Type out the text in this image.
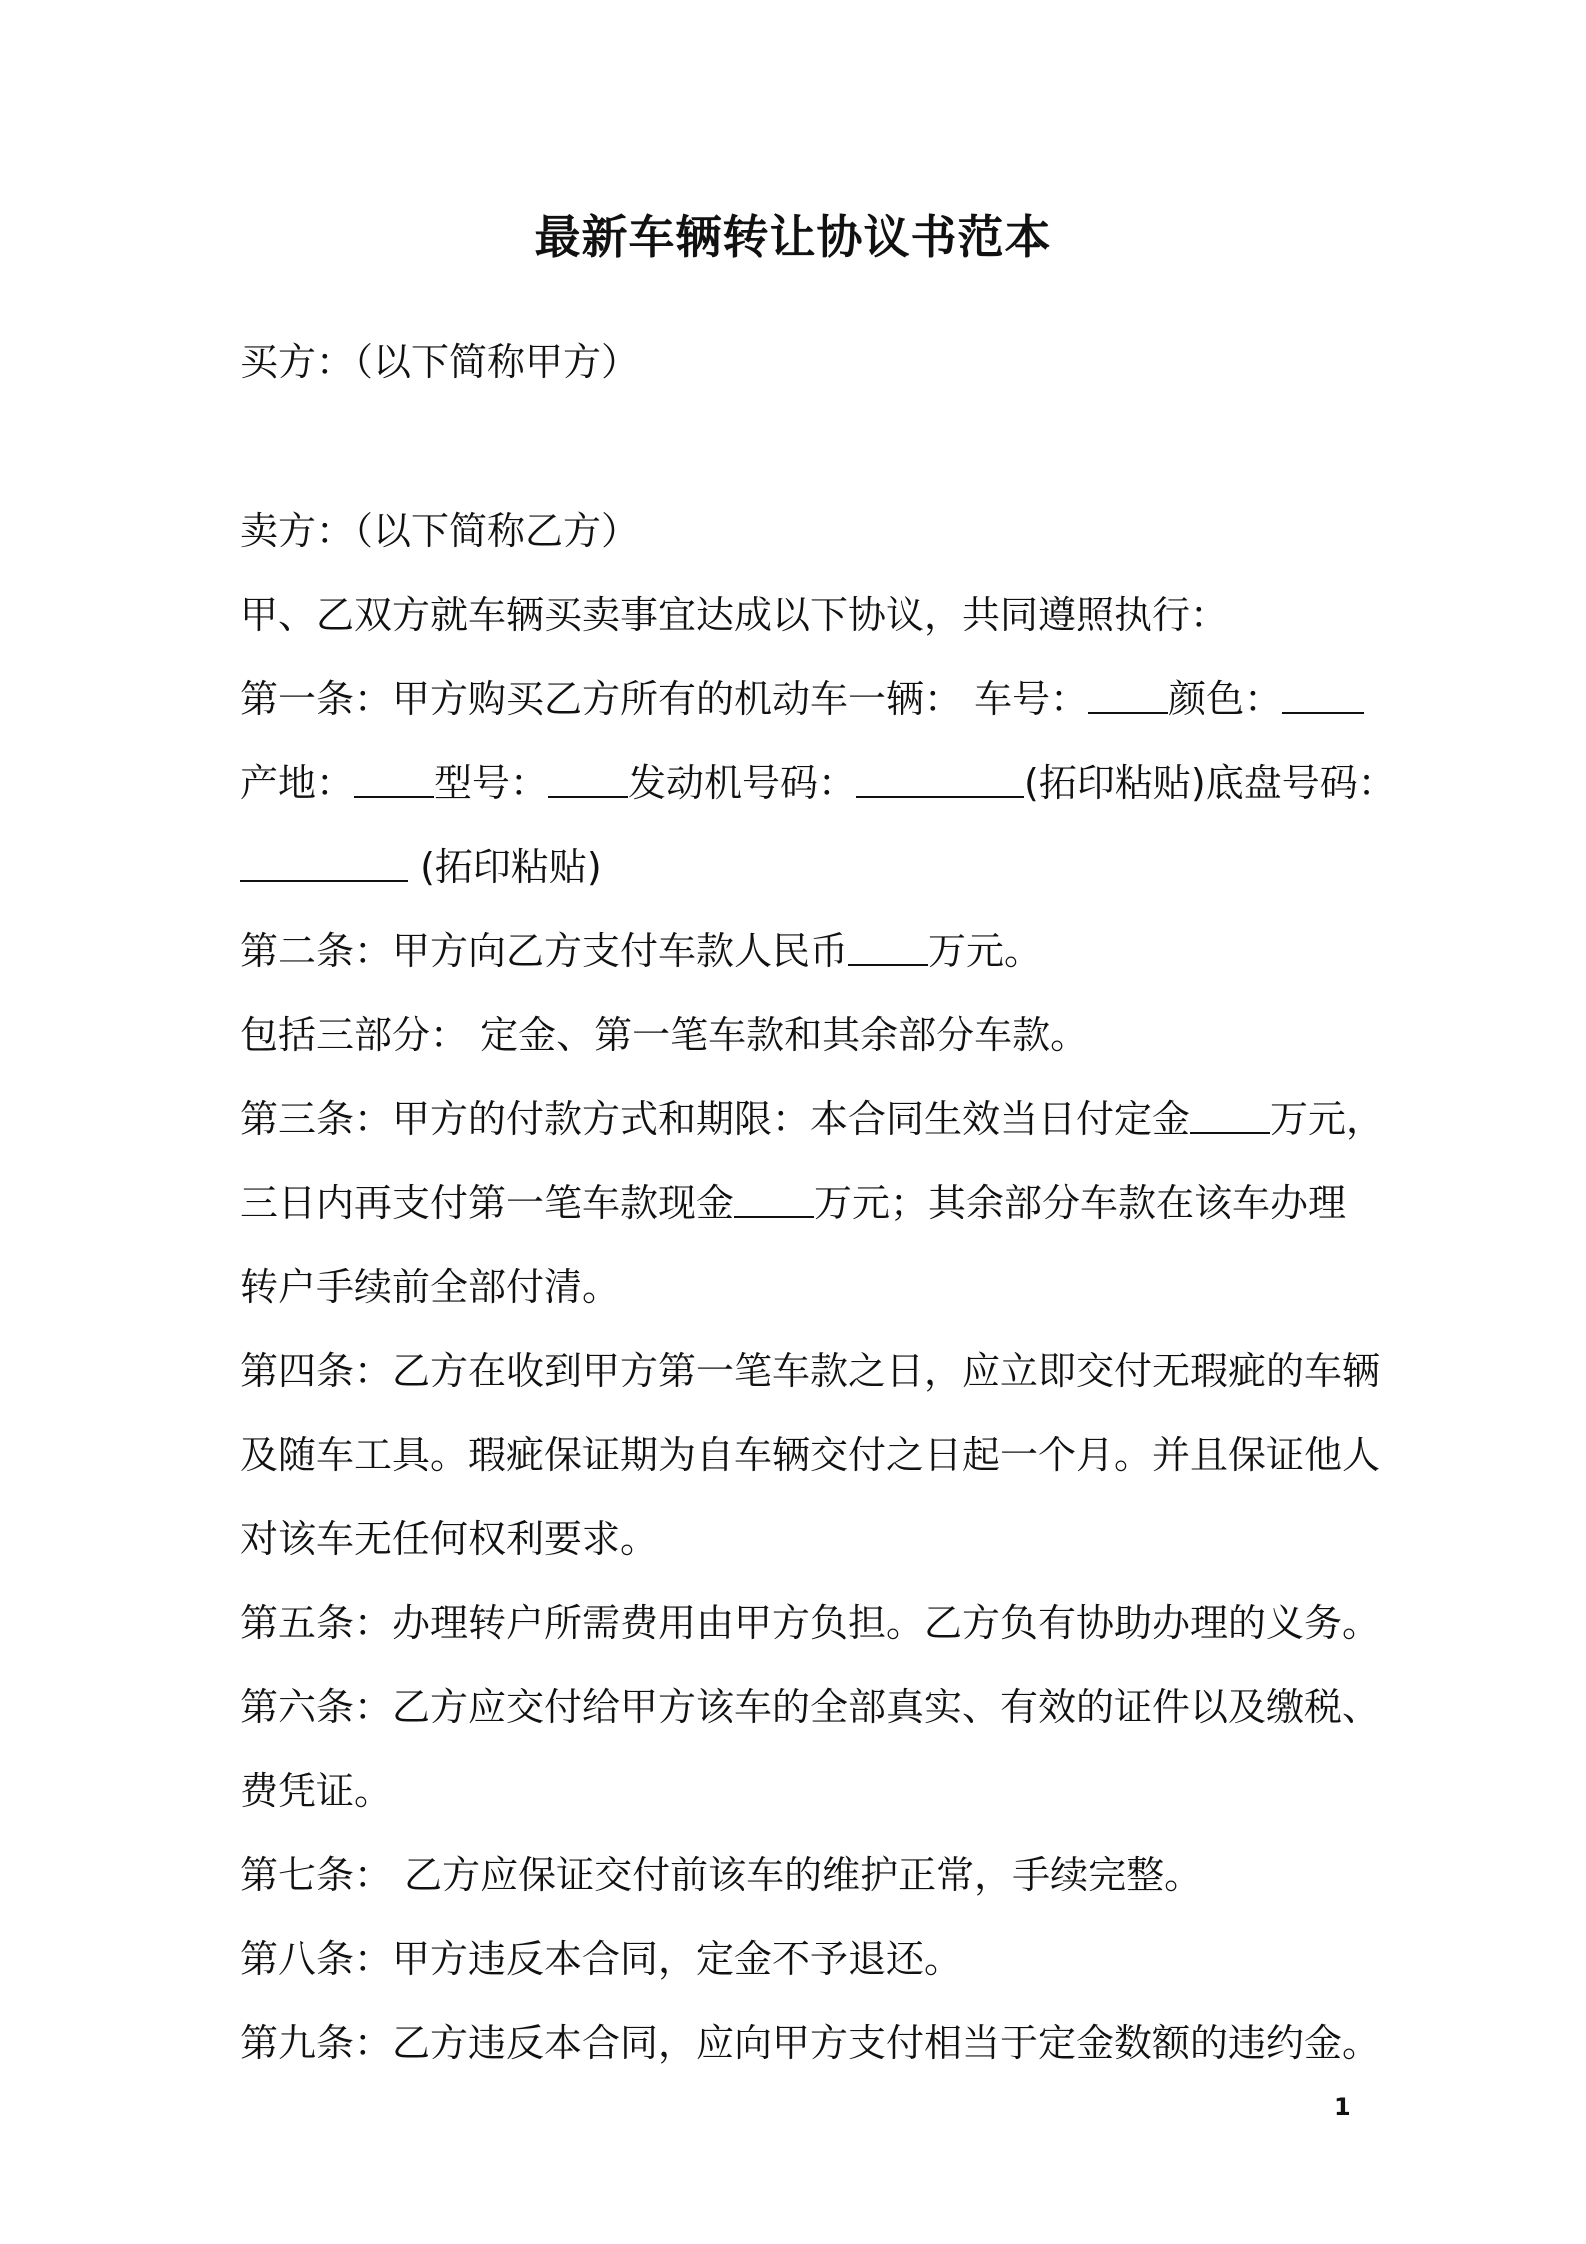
最新车辆转让协议书范本
买方：（以下简称甲方）
卖方：（以下简称乙方）
甲、乙双方就车辆买卖事宜达成以下协议，共同遵照执行：
第一条：甲方购买乙方所有的机动车一辆： 车号： 颜色：
产地： 型号： 发动机号码：	(拓印粘贴)底盘号码：
(拓印粘贴)
第二条：甲方向乙方支付车款人民币 万元。
包括三部分： 定金、第一笔车款和其余部分车款。
第三条：甲方的付款方式和期限：本合同生效当日付定金 万元，
三日内再支付第一笔车款现金 万元；其余部分车款在该车办理
转户手续前全部付清。
第四条：乙方在收到甲方第一笔车款之日，应立即交付无瑕疵的车辆
及随车工具。瑕疵保证期为自车辆交付之日起一个月。并且保证他人
对该车无任何权利要求。
第五条：办理转户所需费用由甲方负担。乙方负有协助办理的义务。
第六条：乙方应交付给甲方该车的全部真实、有效的证件以及缴税、
费凭证。
第七条： 乙方应保证交付前该车的维护正常，手续完整。
第八条：甲方违反本合同，定金不予退还。
第九条：乙方违反本合同，应向甲方支付相当于定金数额的违约金。
1
